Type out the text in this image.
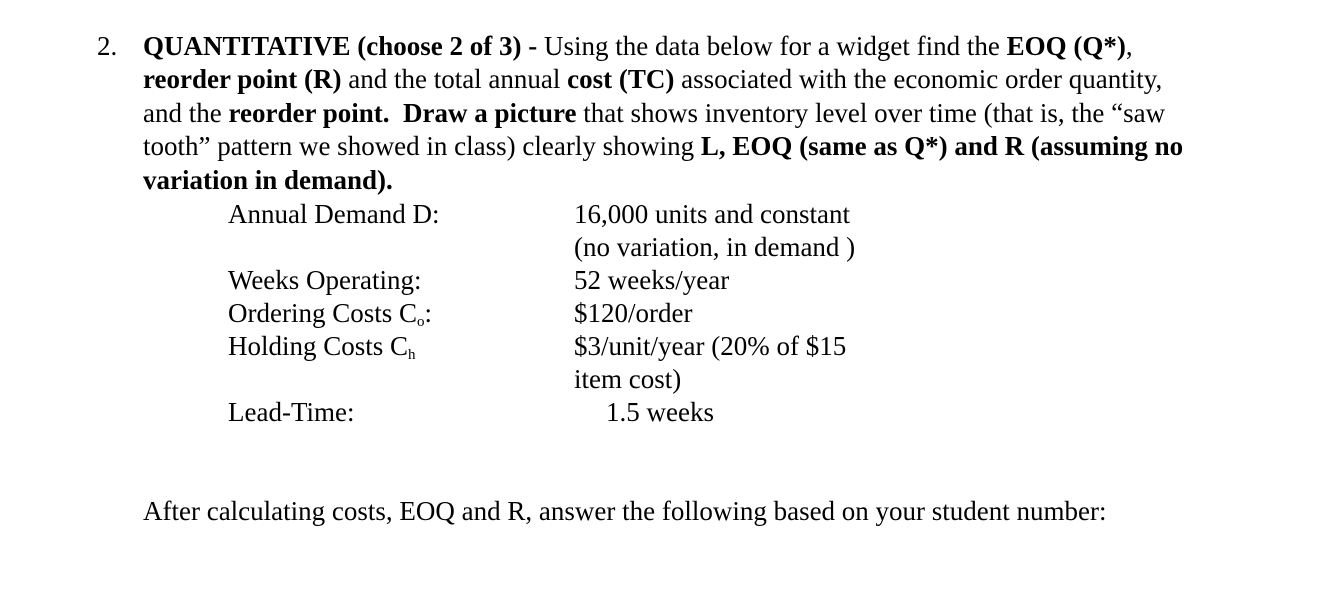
2. QUANTITATIVE (choose 2 of 3) - Using the data below for a widget find the EOQ (Q*), reorder point (R) and the total annual cost (TC) associated with the economic order quantity, and the reorder point. Draw a picture that shows inventory level over time (that is, the “saw tooth” pattern we showed in class) clearly showing L, EOQ (same as Q*) and R (assuming no variation in demand).
Annual Demand D:	16,000 units and constant
(no variation, in demand )
Weeks Operating:	52 weeks/year
Ordering Costs $C_o$:	$120/order
Holding Costs $C_h$	$3/unit/year (20% of $15
item cost)
Lead-Time:	1.5 weeks
After calculating costs, EOQ and R, answer the following based on your student number:
